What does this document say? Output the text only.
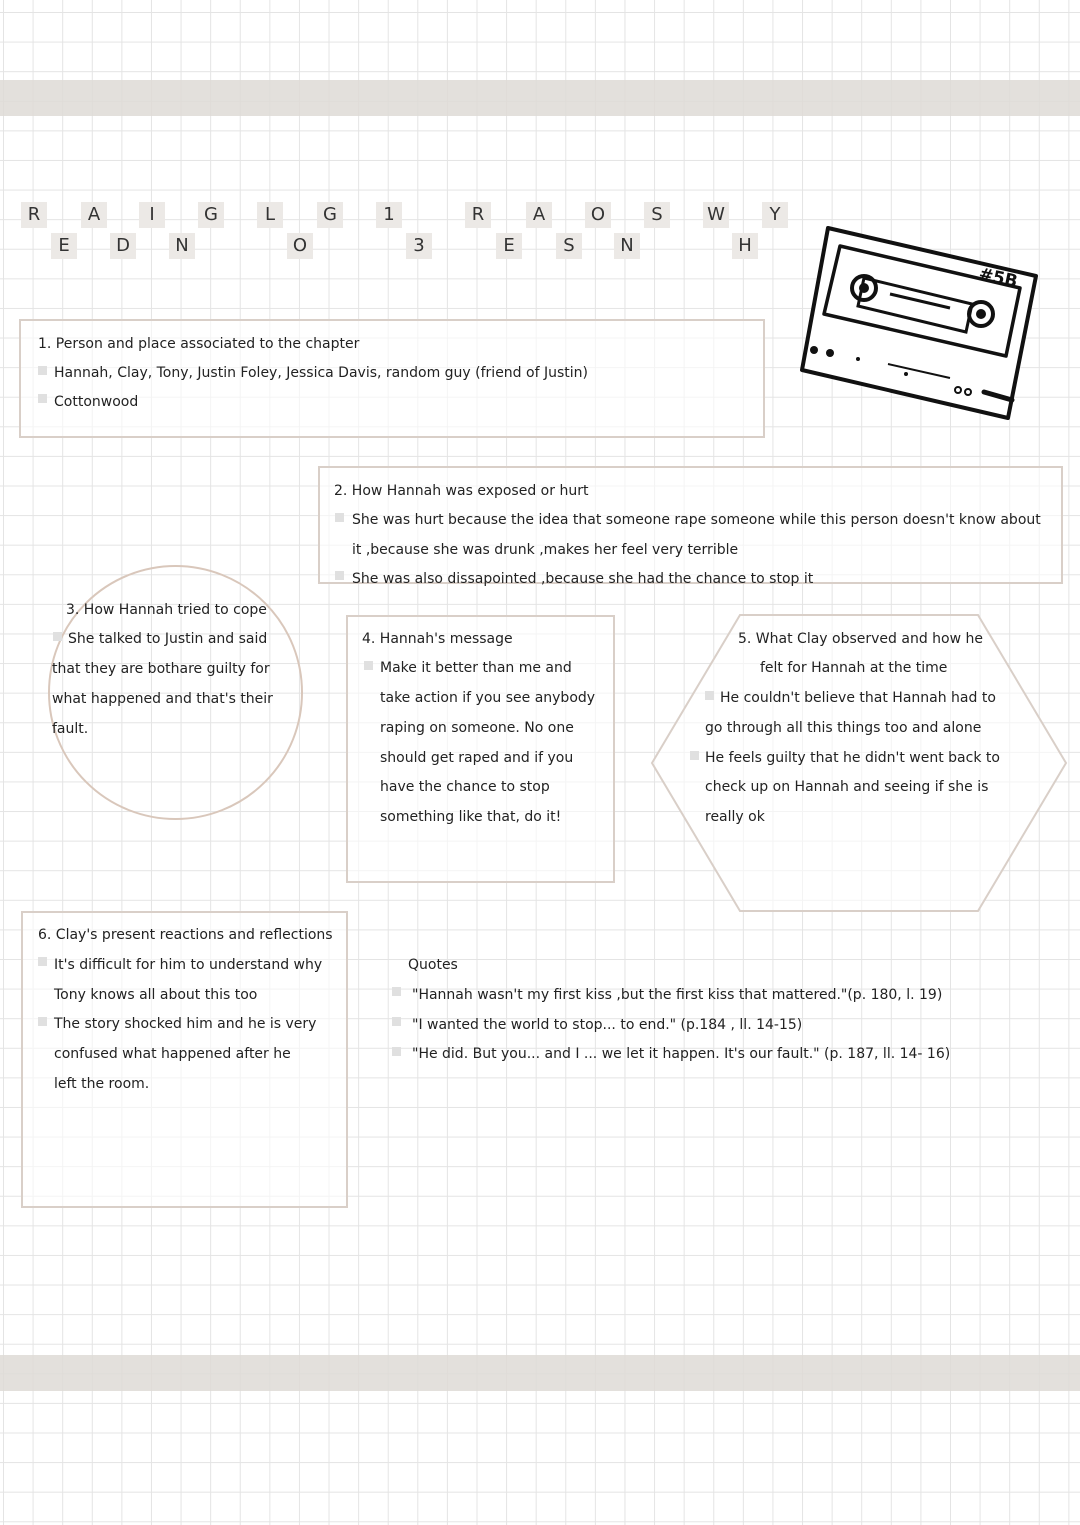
R	A	I	G	L	G	1	R	A	O	S	W	Y
E	D	N	O	3	E	S	N	H
#5B
1. Person and place associated to the chapter
Hannah, Clay, Tony, Justin Foley, Jessica Davis, random guy (friend of Justin)
Cottonwood
2. How Hannah was exposed or hurt
She was hurt because the idea that someone rape someone while this person doesn't know about
it ,because she was drunk ,makes her feel very terrible
She was also dissapointed ,because she had the chance to stop it
3. How Hannah tried to cope
She talked to Justin and said
that they are bothare guilty for
what happened and that's their
fault.
4. Hannah's message
Make it better than me and
take action if you see anybody
raping on someone. No one
should get raped and if you
have the chance to stop
something like that, do it!
5. What Clay observed and how he
felt for Hannah at the time
He couldn't believe that Hannah had to
go through all this things too and alone
He feels guilty that he didn't went back to
check up on Hannah and seeing if she is
really ok
6. Clay's present reactions and reflections
It's difficult for him to understand why
Tony knows all about this too
The story shocked him and he is very
confused what happened after he
left the room.
Quotes
"Hannah wasn't my first kiss ,but the first kiss that mattered."(p. 180, l. 19)
"I wanted the world to stop... to end." (p.184 , ll. 14-15)
"He did. But you... and I ... we let it happen. It's our fault." (p. 187, ll. 14- 16)
